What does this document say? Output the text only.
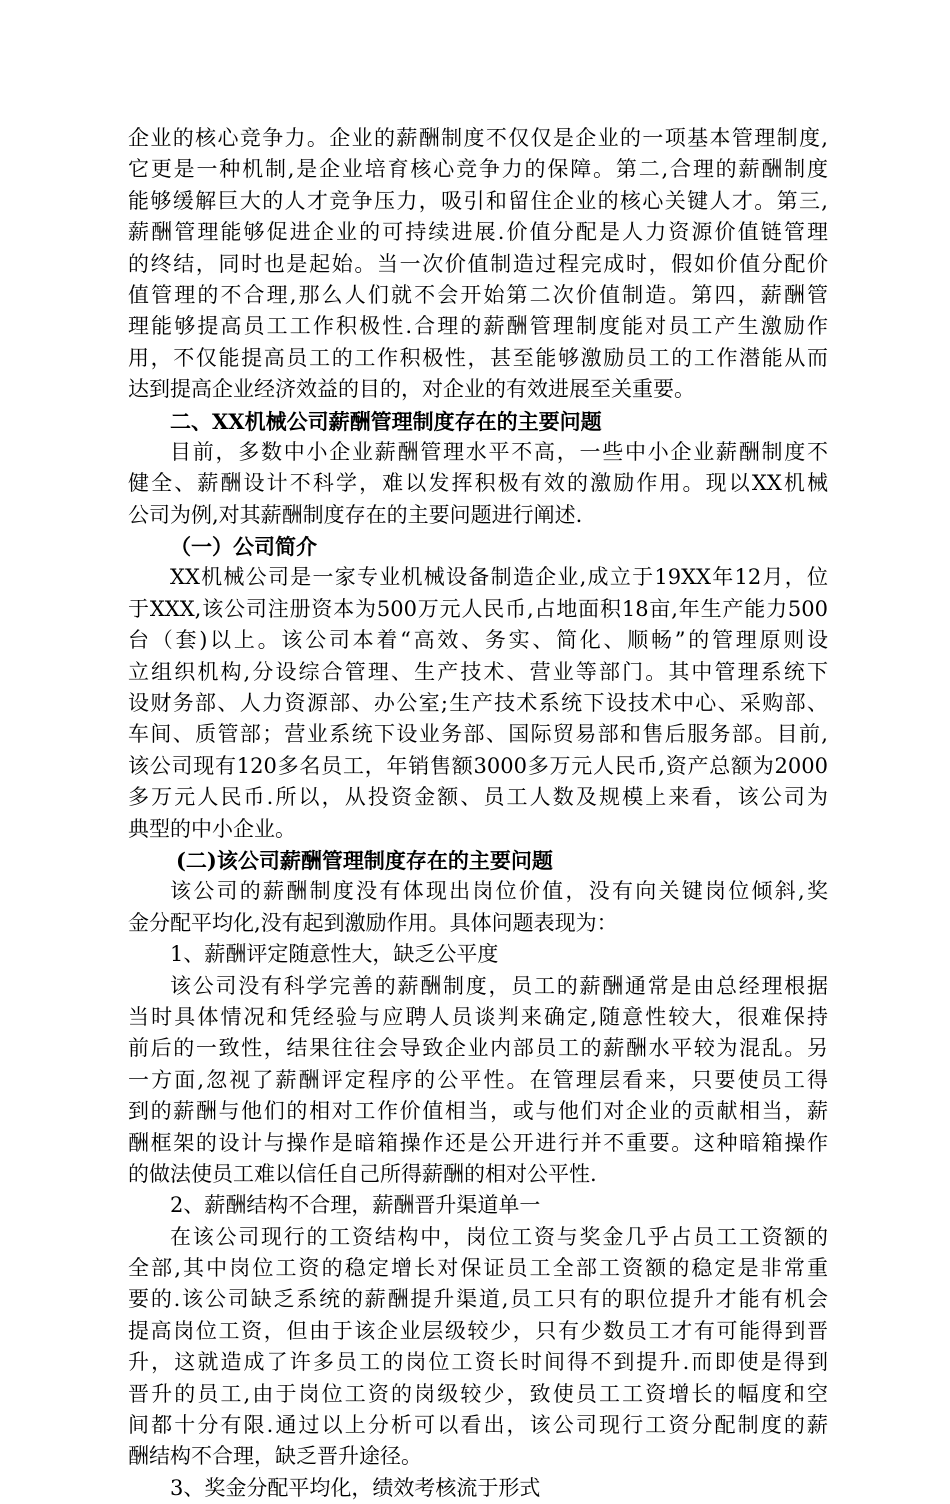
企业的核心竞争力。企业的薪酬制度不仅仅是企业的一项基本管理制度,
它更是一种机制,是企业培育核心竞争力的保障。第二,合理的薪酬制度
能够缓解巨大的人才竞争压力，吸引和留住企业的核心关键人才。第三,
薪酬管理能够促进企业的可持续进展.价值分配是人力资源价值链管理
的终结，同时也是起始。当一次价值制造过程完成时，假如价值分配价
值管理的不合理,那么人们就不会开始第二次价值制造。第四，薪酬管
理能够提高员工工作积极性.合理的薪酬管理制度能对员工产生激励作
用，不仅能提高员工的工作积极性，甚至能够激励员工的工作潜能从而
达到提高企业经济效益的目的，对企业的有效进展至关重要。
二、XX机械公司薪酬管理制度存在的主要问题
目前，多数中小企业薪酬管理水平不高，一些中小企业薪酬制度不
健全、薪酬设计不科学，难以发挥积极有效的激励作用。现以XX机械
公司为例,对其薪酬制度存在的主要问题进行阐述.
（一）公司简介
XX机械公司是一家专业机械设备制造企业,成立于19XX年12月，位
于XXX,该公司注册资本为500万元人民币,占地面积18亩,年生产能力500
台（套)以上。该公司本着“高效、务实、简化、顺畅”的管理原则设
立组织机构,分设综合管理、生产技术、营业等部门。其中管理系统下
设财务部、人力资源部、办公室;生产技术系统下设技术中心、采购部、
车间、质管部；营业系统下设业务部、国际贸易部和售后服务部。目前,
该公司现有120多名员工，年销售额3000多万元人民币,资产总额为2000
多万元人民币.所以，从投资金额、员工人数及规模上来看，该公司为
典型的中小企业。
(二)该公司薪酬管理制度存在的主要问题
该公司的薪酬制度没有体现出岗位价值，没有向关键岗位倾斜,奖
金分配平均化,没有起到激励作用。具体问题表现为：
1、薪酬评定随意性大，缺乏公平度
该公司没有科学完善的薪酬制度，员工的薪酬通常是由总经理根据
当时具体情况和凭经验与应聘人员谈判来确定,随意性较大，很难保持
前后的一致性，结果往往会导致企业内部员工的薪酬水平较为混乱。另
一方面,忽视了薪酬评定程序的公平性。在管理层看来，只要使员工得
到的薪酬与他们的相对工作价值相当，或与他们对企业的贡献相当，薪
酬框架的设计与操作是暗箱操作还是公开进行并不重要。这种暗箱操作
的做法使员工难以信任自己所得薪酬的相对公平性.
2、薪酬结构不合理，薪酬晋升渠道单一
在该公司现行的工资结构中，岗位工资与奖金几乎占员工工资额的
全部,其中岗位工资的稳定增长对保证员工全部工资额的稳定是非常重
要的.该公司缺乏系统的薪酬提升渠道,员工只有的职位提升才能有机会
提高岗位工资，但由于该企业层级较少，只有少数员工才有可能得到晋
升，这就造成了许多员工的岗位工资长时间得不到提升.而即使是得到
晋升的员工,由于岗位工资的岗级较少，致使员工工资增长的幅度和空
间都十分有限.通过以上分析可以看出，该公司现行工资分配制度的薪
酬结构不合理，缺乏晋升途径。
3、奖金分配平均化，绩效考核流于形式
